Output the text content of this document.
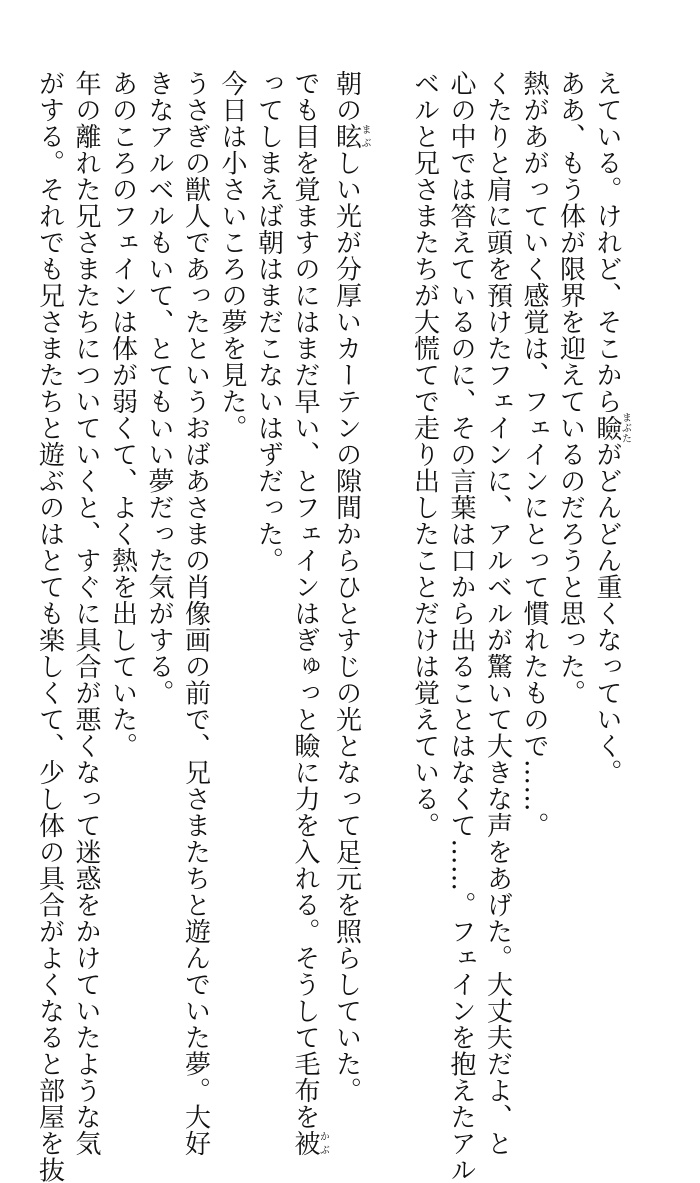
えている。けれど、そこから瞼まぶたがどんどん重くなっていく。
ああ、もう体が限界を迎えているのだろうと思った。
熱があがっていく感覚は、フェインにとって慣れたもので……。
くたりと肩に頭を預けたフェインに、アルベルが驚いて大きな声をあげた。大丈夫だよ、と
心の中では答えているのに、その言葉は口から出ることはなくて……。フェインを抱えたアル
ベルと兄さまたちが大慌てで走り出したことだけは覚えている。
朝の眩まぶしい光が分厚いカーテンの隙間からひとすじの光となって足元を照らしていた。
でも目を覚ますのにはまだ早い、とフェインはぎゅっと瞼に力を入れる。そうして毛布を被かぶ
ってしまえば朝はまだこないはずだった。
今日は小さいころの夢を見た。
うさぎの獣人であったというおばあさまの肖像画の前で、兄さまたちと遊んでいた夢。大好
きなアルベルもいて、とてもいい夢だった気がする。
あのころのフェインは体が弱くて、よく熱を出していた。
年の離れた兄さまたちについていくと、すぐに具合が悪くなって迷惑をかけていたような気
がする。それでも兄さまたちと遊ぶのはとても楽しくて、少し体の具合がよくなると部屋を抜
